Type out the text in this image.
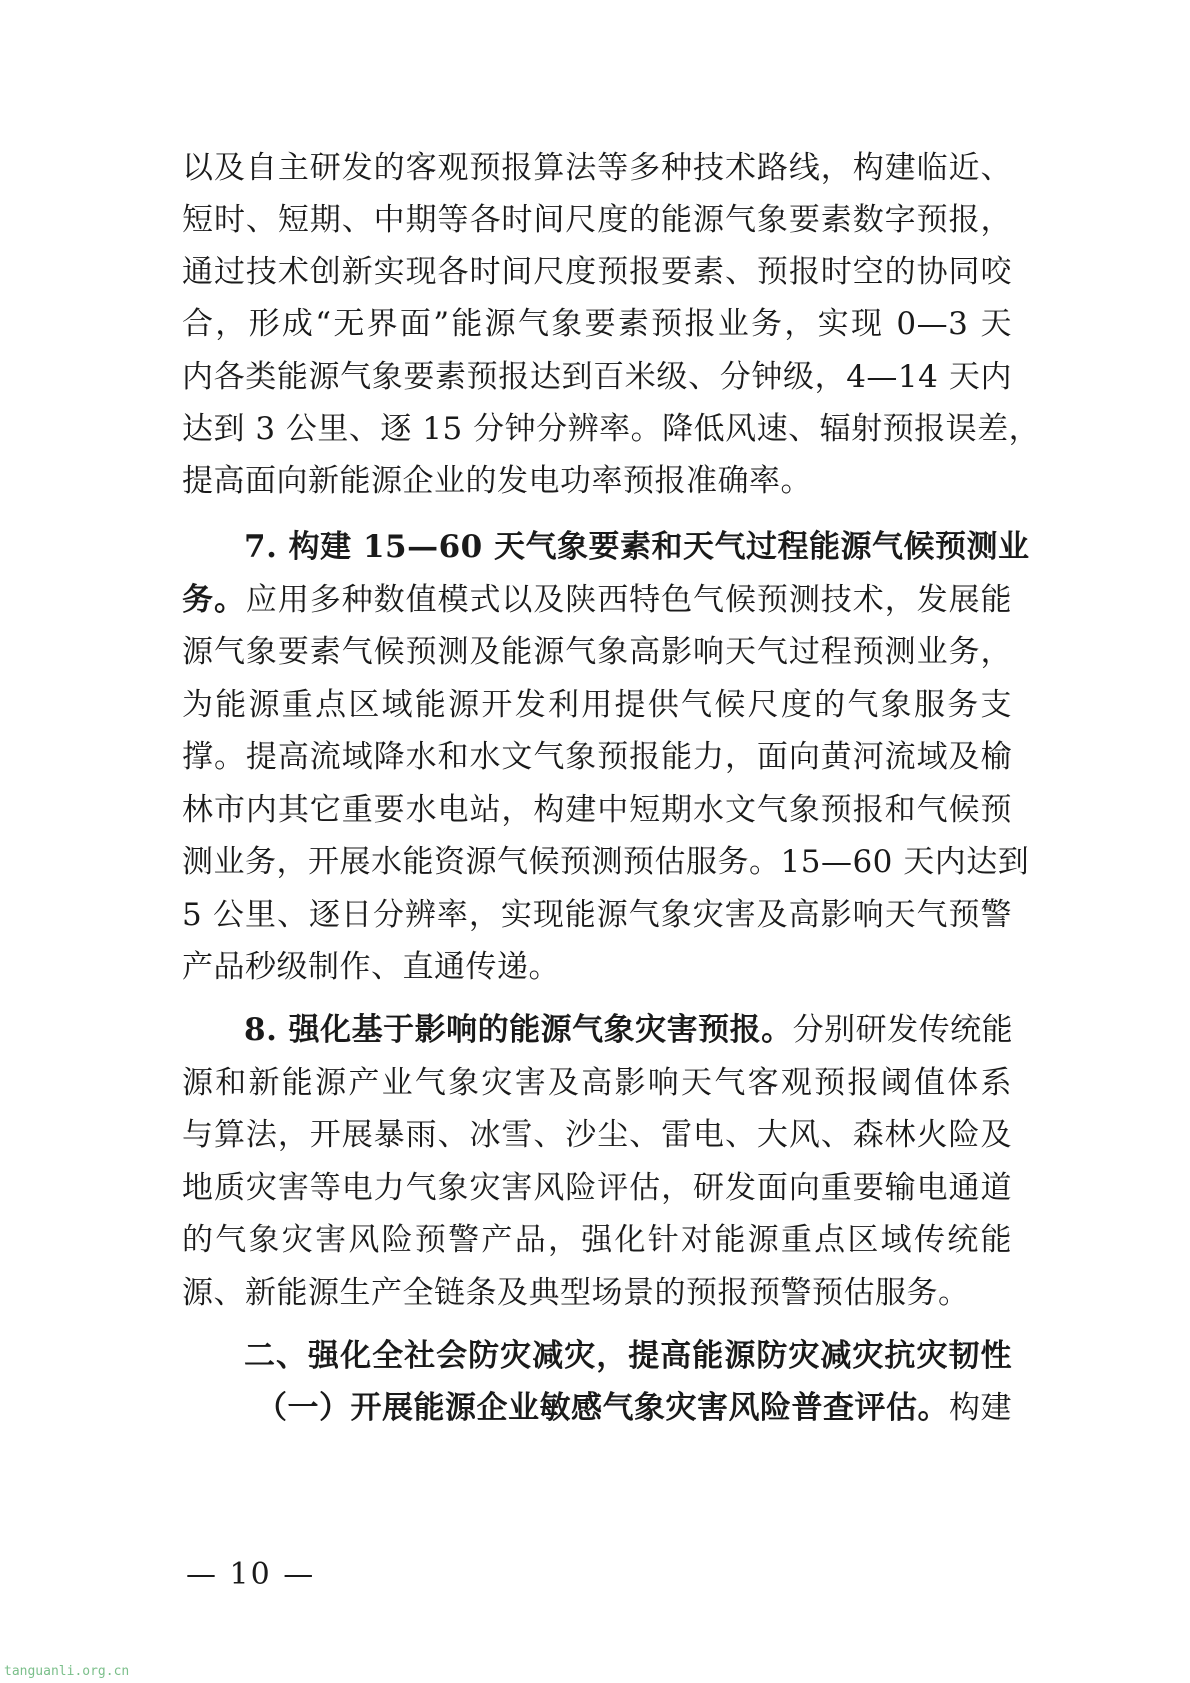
以及自主研发的客观预报算法等多种技术路线，构建临近、
短时、短期、中期等各时间尺度的能源气象要素数字预报，
通过技术创新实现各时间尺度预报要素、预报时空的协同咬
合，形成“无界面”能源气象要素预报业务，实现 0—3 天
内各类能源气象要素预报达到百米级、分钟级，4—14 天内
达到 3 公里、逐 15 分钟分辨率。降低风速、辐射预报误差，
提高面向新能源企业的发电功率预报准确率。
7. 构建 15—60 天气象要素和天气过程能源气候预测业
务。应用多种数值模式以及陕西特色气候预测技术，发展能
源气象要素气候预测及能源气象高影响天气过程预测业务，
为能源重点区域能源开发利用提供气候尺度的气象服务支
撑。提高流域降水和水文气象预报能力，面向黄河流域及榆
林市内其它重要水电站，构建中短期水文气象预报和气候预
测业务，开展水能资源气候预测预估服务。15—60 天内达到
5 公里、逐日分辨率，实现能源气象灾害及高影响天气预警
产品秒级制作、直通传递。
8. 强化基于影响的能源气象灾害预报。分别研发传统能
源和新能源产业气象灾害及高影响天气客观预报阈值体系
与算法，开展暴雨、冰雪、沙尘、雷电、大风、森林火险及
地质灾害等电力气象灾害风险评估，研发面向重要输电通道
的气象灾害风险预警产品，强化针对能源重点区域传统能
源、新能源生产全链条及典型场景的预报预警预估服务。
二、强化全社会防灾减灾，提高能源防灾减灾抗灾韧性
（一）开展能源企业敏感气象灾害风险普查评估。构建
— 10 —
tanguanli.org.cn
